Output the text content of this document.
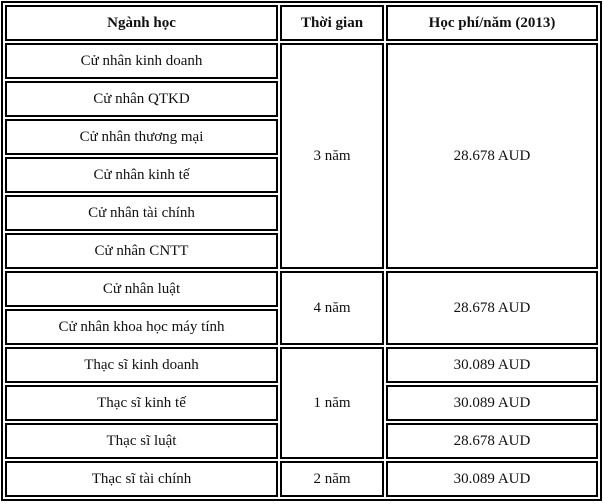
Ngành học	Thời gian	Học phí/năm (2013)
Cử nhân kinh doanh	3 năm	28.678 AUD
Cử nhân QTKD		
Cử nhân thương mại		
Cử nhân kinh tế		
Cử nhân tài chính		
Cử nhân CNTT		
Cử nhân luật	4 năm	28.678 AUD
Cử nhân khoa học máy tính		
Thạc sĩ kinh doanh	1 năm	30.089 AUD
Thạc sĩ kinh tế		30.089 AUD
Thạc sĩ luật		28.678 AUD
Thạc sĩ tài chính	2 năm	30.089 AUD
